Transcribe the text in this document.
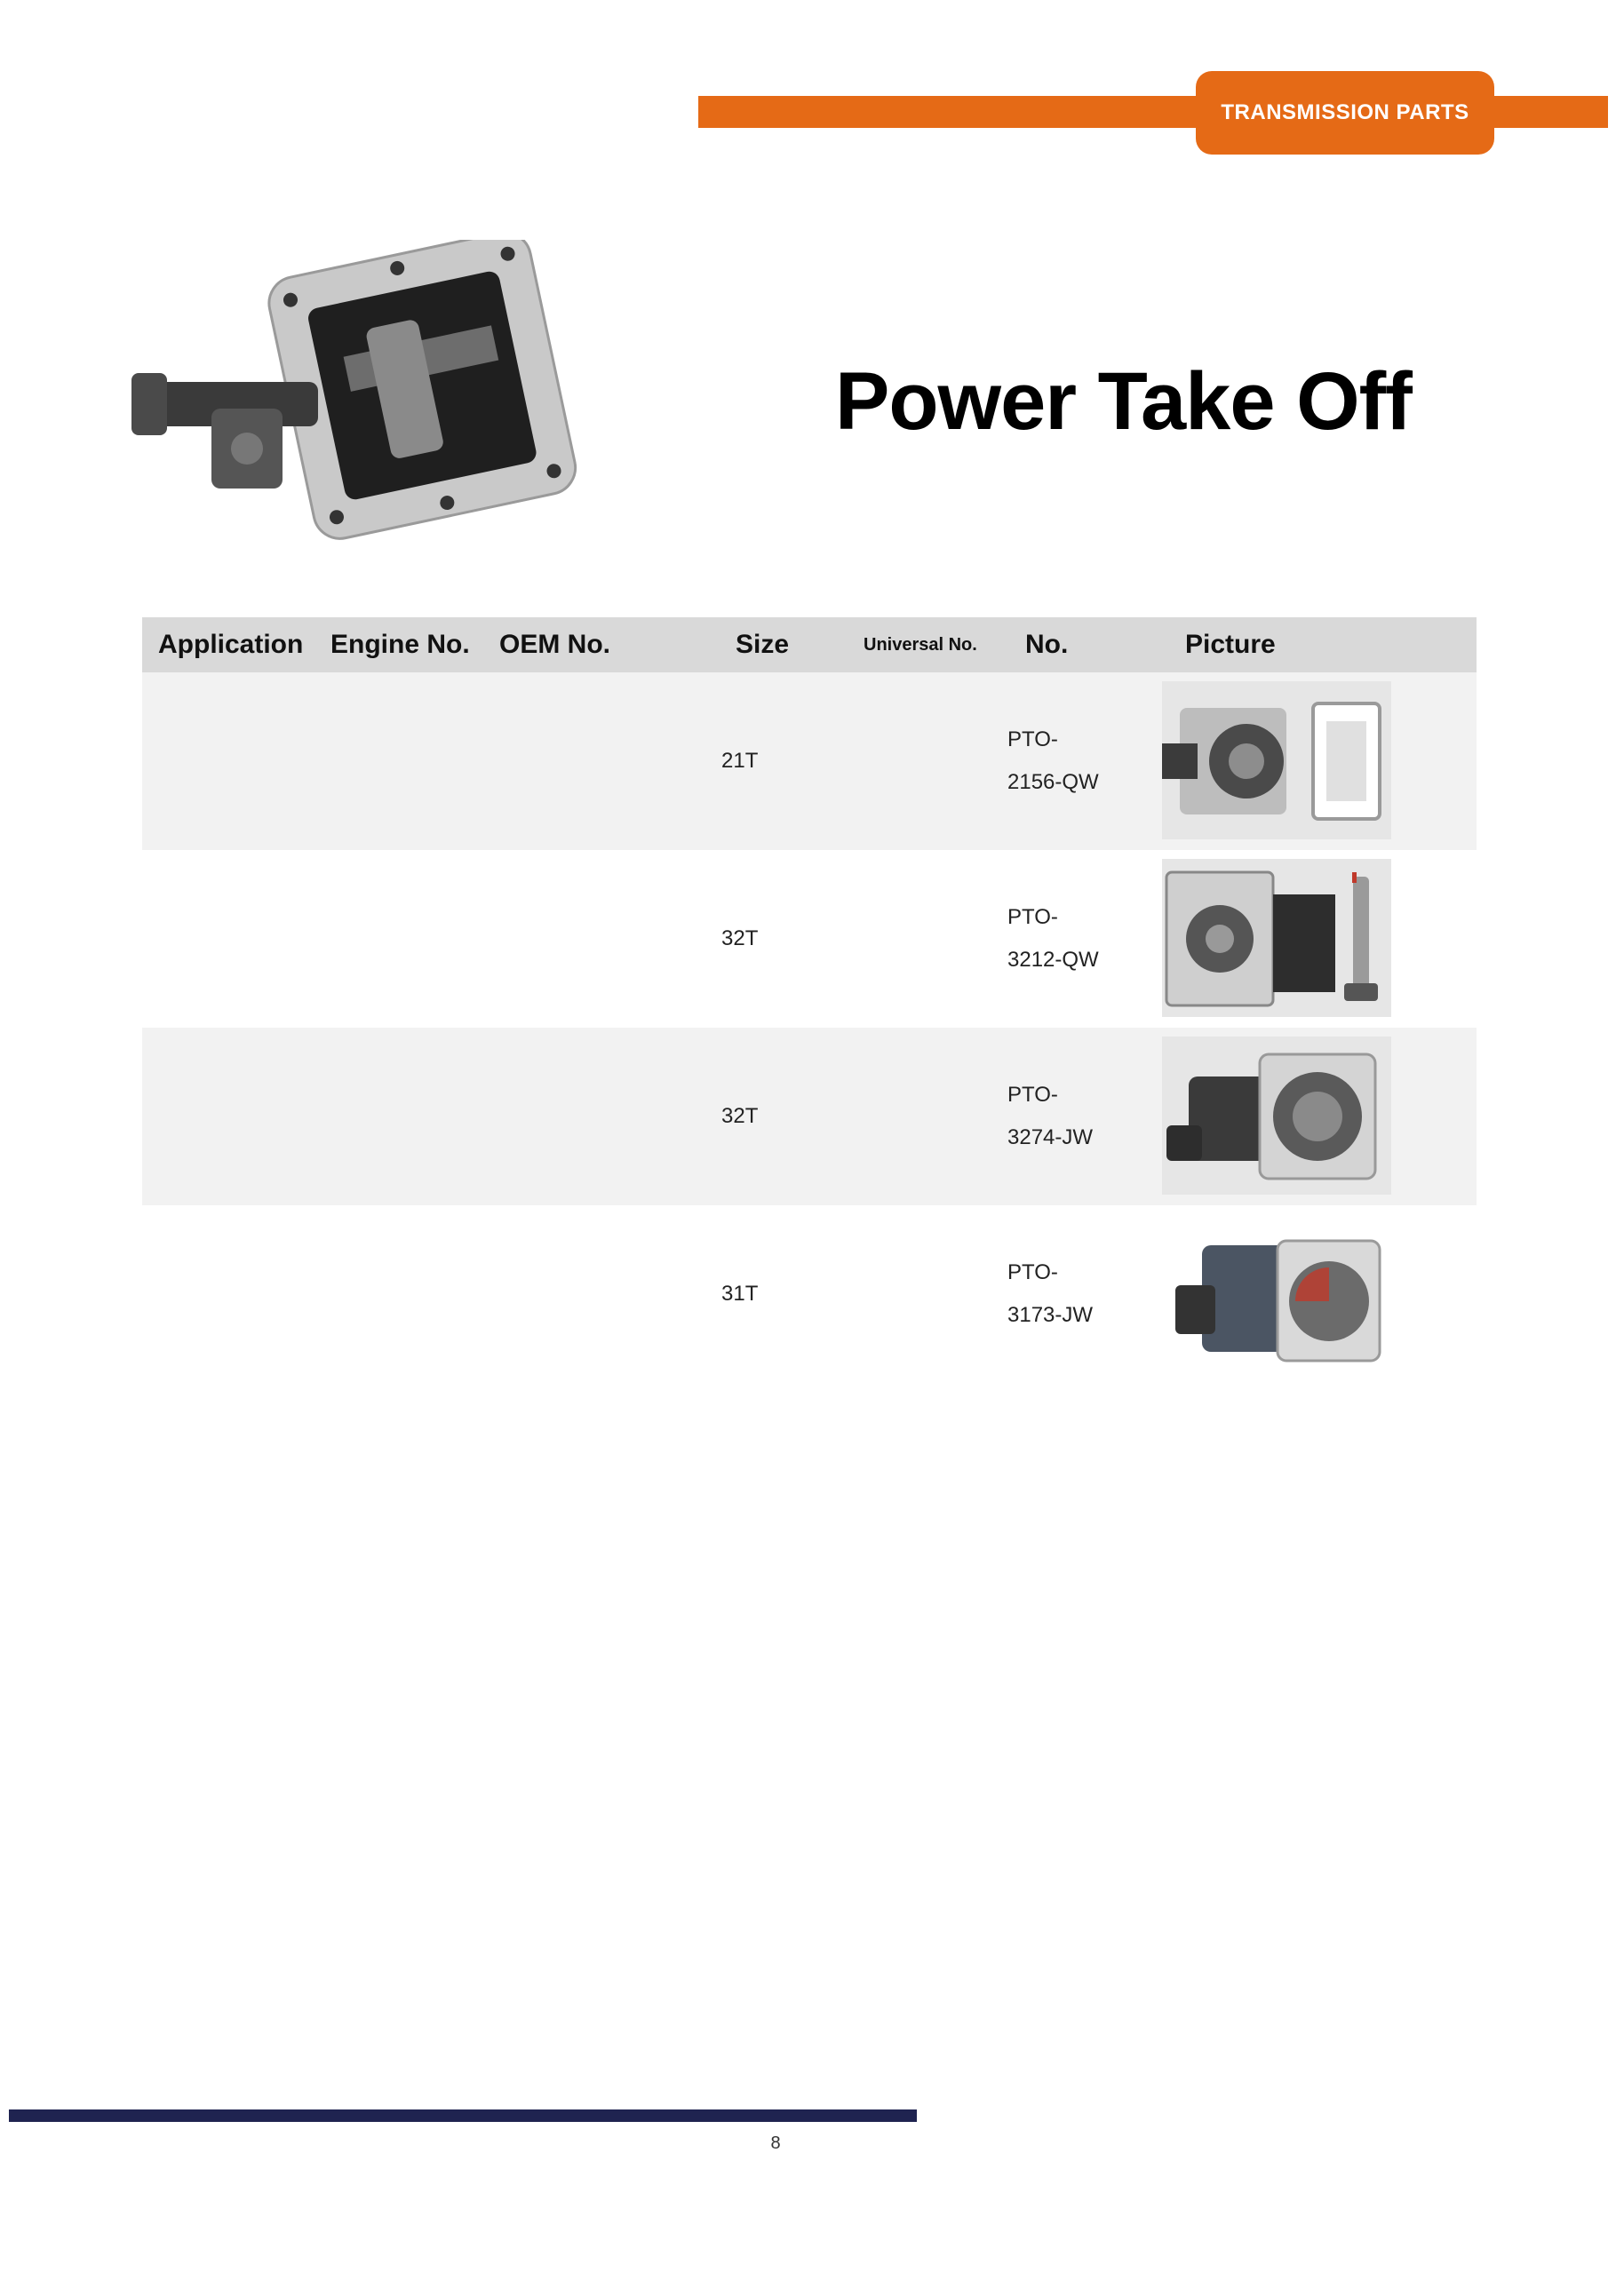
TRANSMISSION PARTS
Power Take Off
Application Engine No. OEM No.	Size	Universal No. No.	Picture
21T
PTO-
2156-QW
32T
PTO-
3212-QW
32T
PTO-
3274-JW
31T
PTO-
3173-JW
8
